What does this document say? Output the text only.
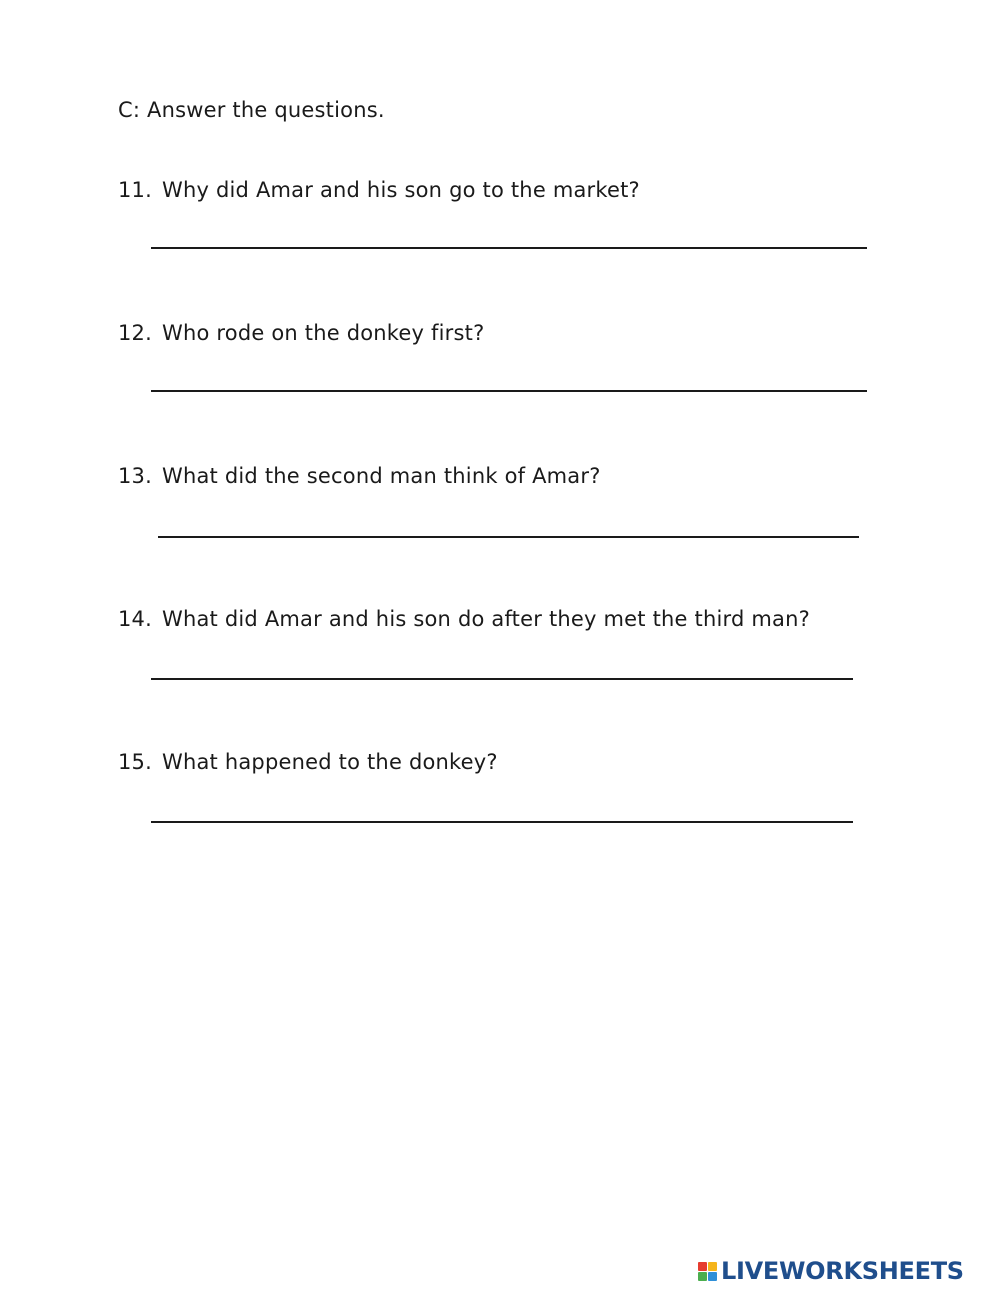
C: Answer the questions.
11. Why did Amar and his son go to the market?
12. Who rode on the donkey first?
13. What did the second man think of Amar?
14. What did Amar and his son do after they met the third man?
15. What happened to the donkey?
LIVEWORKSHEETS
